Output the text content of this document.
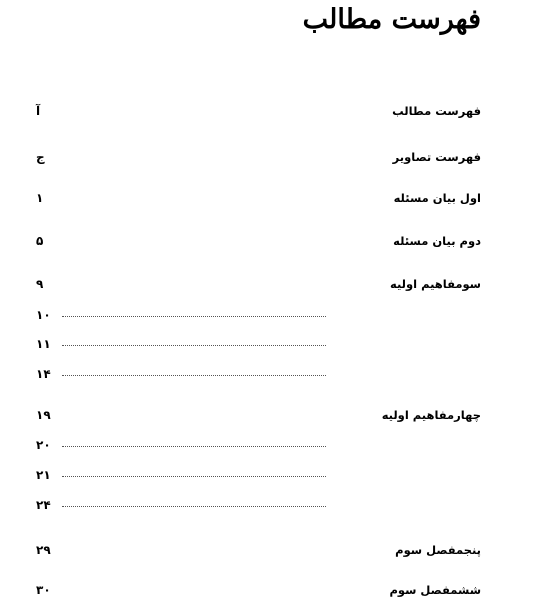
فهرست مطالب
فهرست مطالب
آ
فهرست تصاویر
ج
اول بیان مسئله
۱
دوم بیان مسئله
۵
سومفاهیم اولیه
۹
۱۰
۱۱
۱۴
چهارمفاهیم اولیه
۱۹
۲۰
۲۱
۲۴
پنجمفصل سوم
۲۹
ششمفصل سوم
۳۰
